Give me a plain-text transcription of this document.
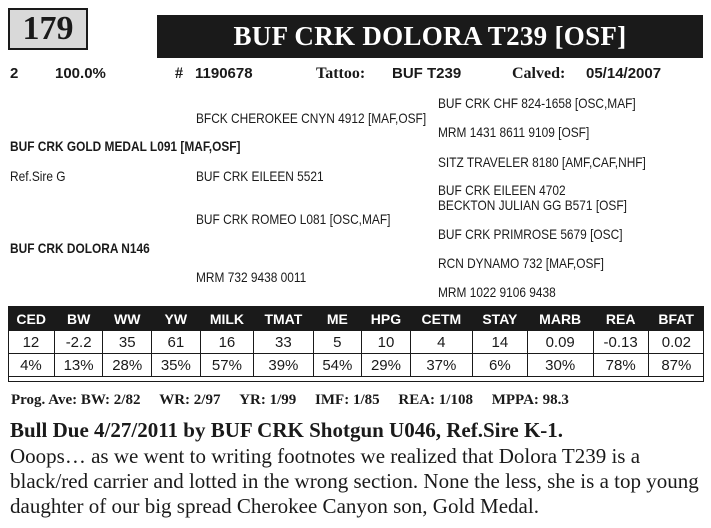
179	BUF CRK DOLORA T239 [OSF]
2 100.0%	# 1190678	Tattoo: BUF T239	Calved: 05/14/2007
BUF CRK CHF 824-1658 [OSC,MAF]
BFCK CHEROKEE CNYN 4912 [MAF,OSF]
MRM 1431 8611 9109 [OSF]
BUF CRK GOLD MEDAL L091 [MAF,OSF]
SITZ TRAVELER 8180 [AMF,CAF,NHF]
Ref.Sire G	BUF CRK EILEEN 5521
BUF CRK EILEEN 4702
BECKTON JULIAN GG B571 [OSF]
BUF CRK ROMEO L081 [OSC,MAF]
BUF CRK PRIMROSE 5679 [OSC]
BUF CRK DOLORA N146
RCN DYNAMO 732 [MAF,OSF]
MRM 732 9438 0011
MRM 1022 9106 9438
CED	BW	WW	YW	MILK	TMAT	ME	HPG	CETM	STAY	MARB	REA	BFAT
12	-2.2	35	61	16	33	5	10	4	14	0.09	-0.13	0.02
4%	13%	28%	35%	57%	39%	54%	29%	37%	6%	30%	78%	87%
Prog. Ave: BW: 2/82 WR: 2/97 YR: 1/99 IMF: 1/85 REA: 1/108 MPPA: 98.3
Bull Due 4/27/2011 by BUF CRK Shotgun U046, Ref.Sire K-1.
Ooops… as we went to writing footnotes we realized that Dolora T239 is a black/red carrier and lotted in the wrong section. None the less, she is a top young daughter of our big spread Cherokee Canyon son, Gold Medal.
